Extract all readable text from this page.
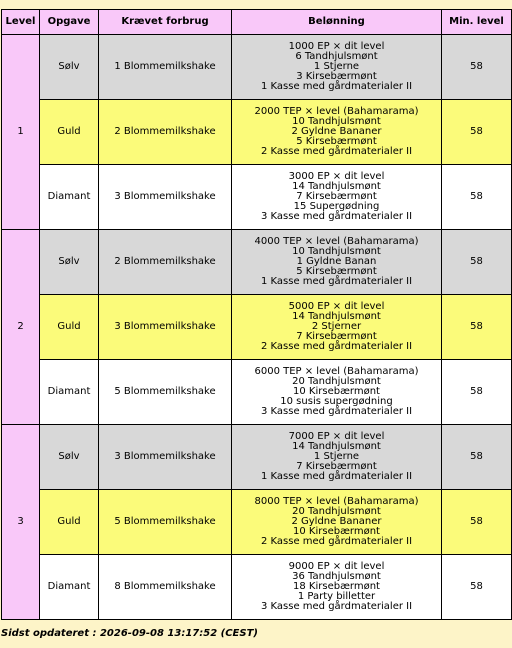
Level	Opgave	Krævet forbrug	Belønning	Min. level
1	Sølv	1 Blommemilkshake	1000 EP × dit level
6 Tandhjulsmønt
1 Stjerne
3 Kirsebærmønt
1 Kasse med gårdmaterialer II	58
	Guld	2 Blommemilkshake	2000 TEP × level (Bahamarama)
10 Tandhjulsmønt
2 Gyldne Bananer
5 Kirsebærmønt
2 Kasse med gårdmaterialer II	58
	Diamant	3 Blommemilkshake	3000 EP × dit level
14 Tandhjulsmønt
7 Kirsebærmønt
15 Supergødning
3 Kasse med gårdmaterialer II	58
2	Sølv	2 Blommemilkshake	4000 TEP × level (Bahamarama)
10 Tandhjulsmønt
1 Gyldne Banan
5 Kirsebærmønt
1 Kasse med gårdmaterialer II	58
	Guld	3 Blommemilkshake	5000 EP × dit level
14 Tandhjulsmønt
2 Stjerner
7 Kirsebærmønt
2 Kasse med gårdmaterialer II	58
	Diamant	5 Blommemilkshake	6000 TEP × level (Bahamarama)
20 Tandhjulsmønt
10 Kirsebærmønt
10 susis supergødning
3 Kasse med gårdmaterialer II	58
3	Sølv	3 Blommemilkshake	7000 EP × dit level
14 Tandhjulsmønt
1 Stjerne
7 Kirsebærmønt
1 Kasse med gårdmaterialer II	58
	Guld	5 Blommemilkshake	8000 TEP × level (Bahamarama)
20 Tandhjulsmønt
2 Gyldne Bananer
10 Kirsebærmønt
2 Kasse med gårdmaterialer II	58
	Diamant	8 Blommemilkshake	9000 EP × dit level
36 Tandhjulsmønt
18 Kirsebærmønt
1 Party billetter
3 Kasse med gårdmaterialer II	58
Sidst opdateret : 2026-09-08 13:17:52 (CEST)
